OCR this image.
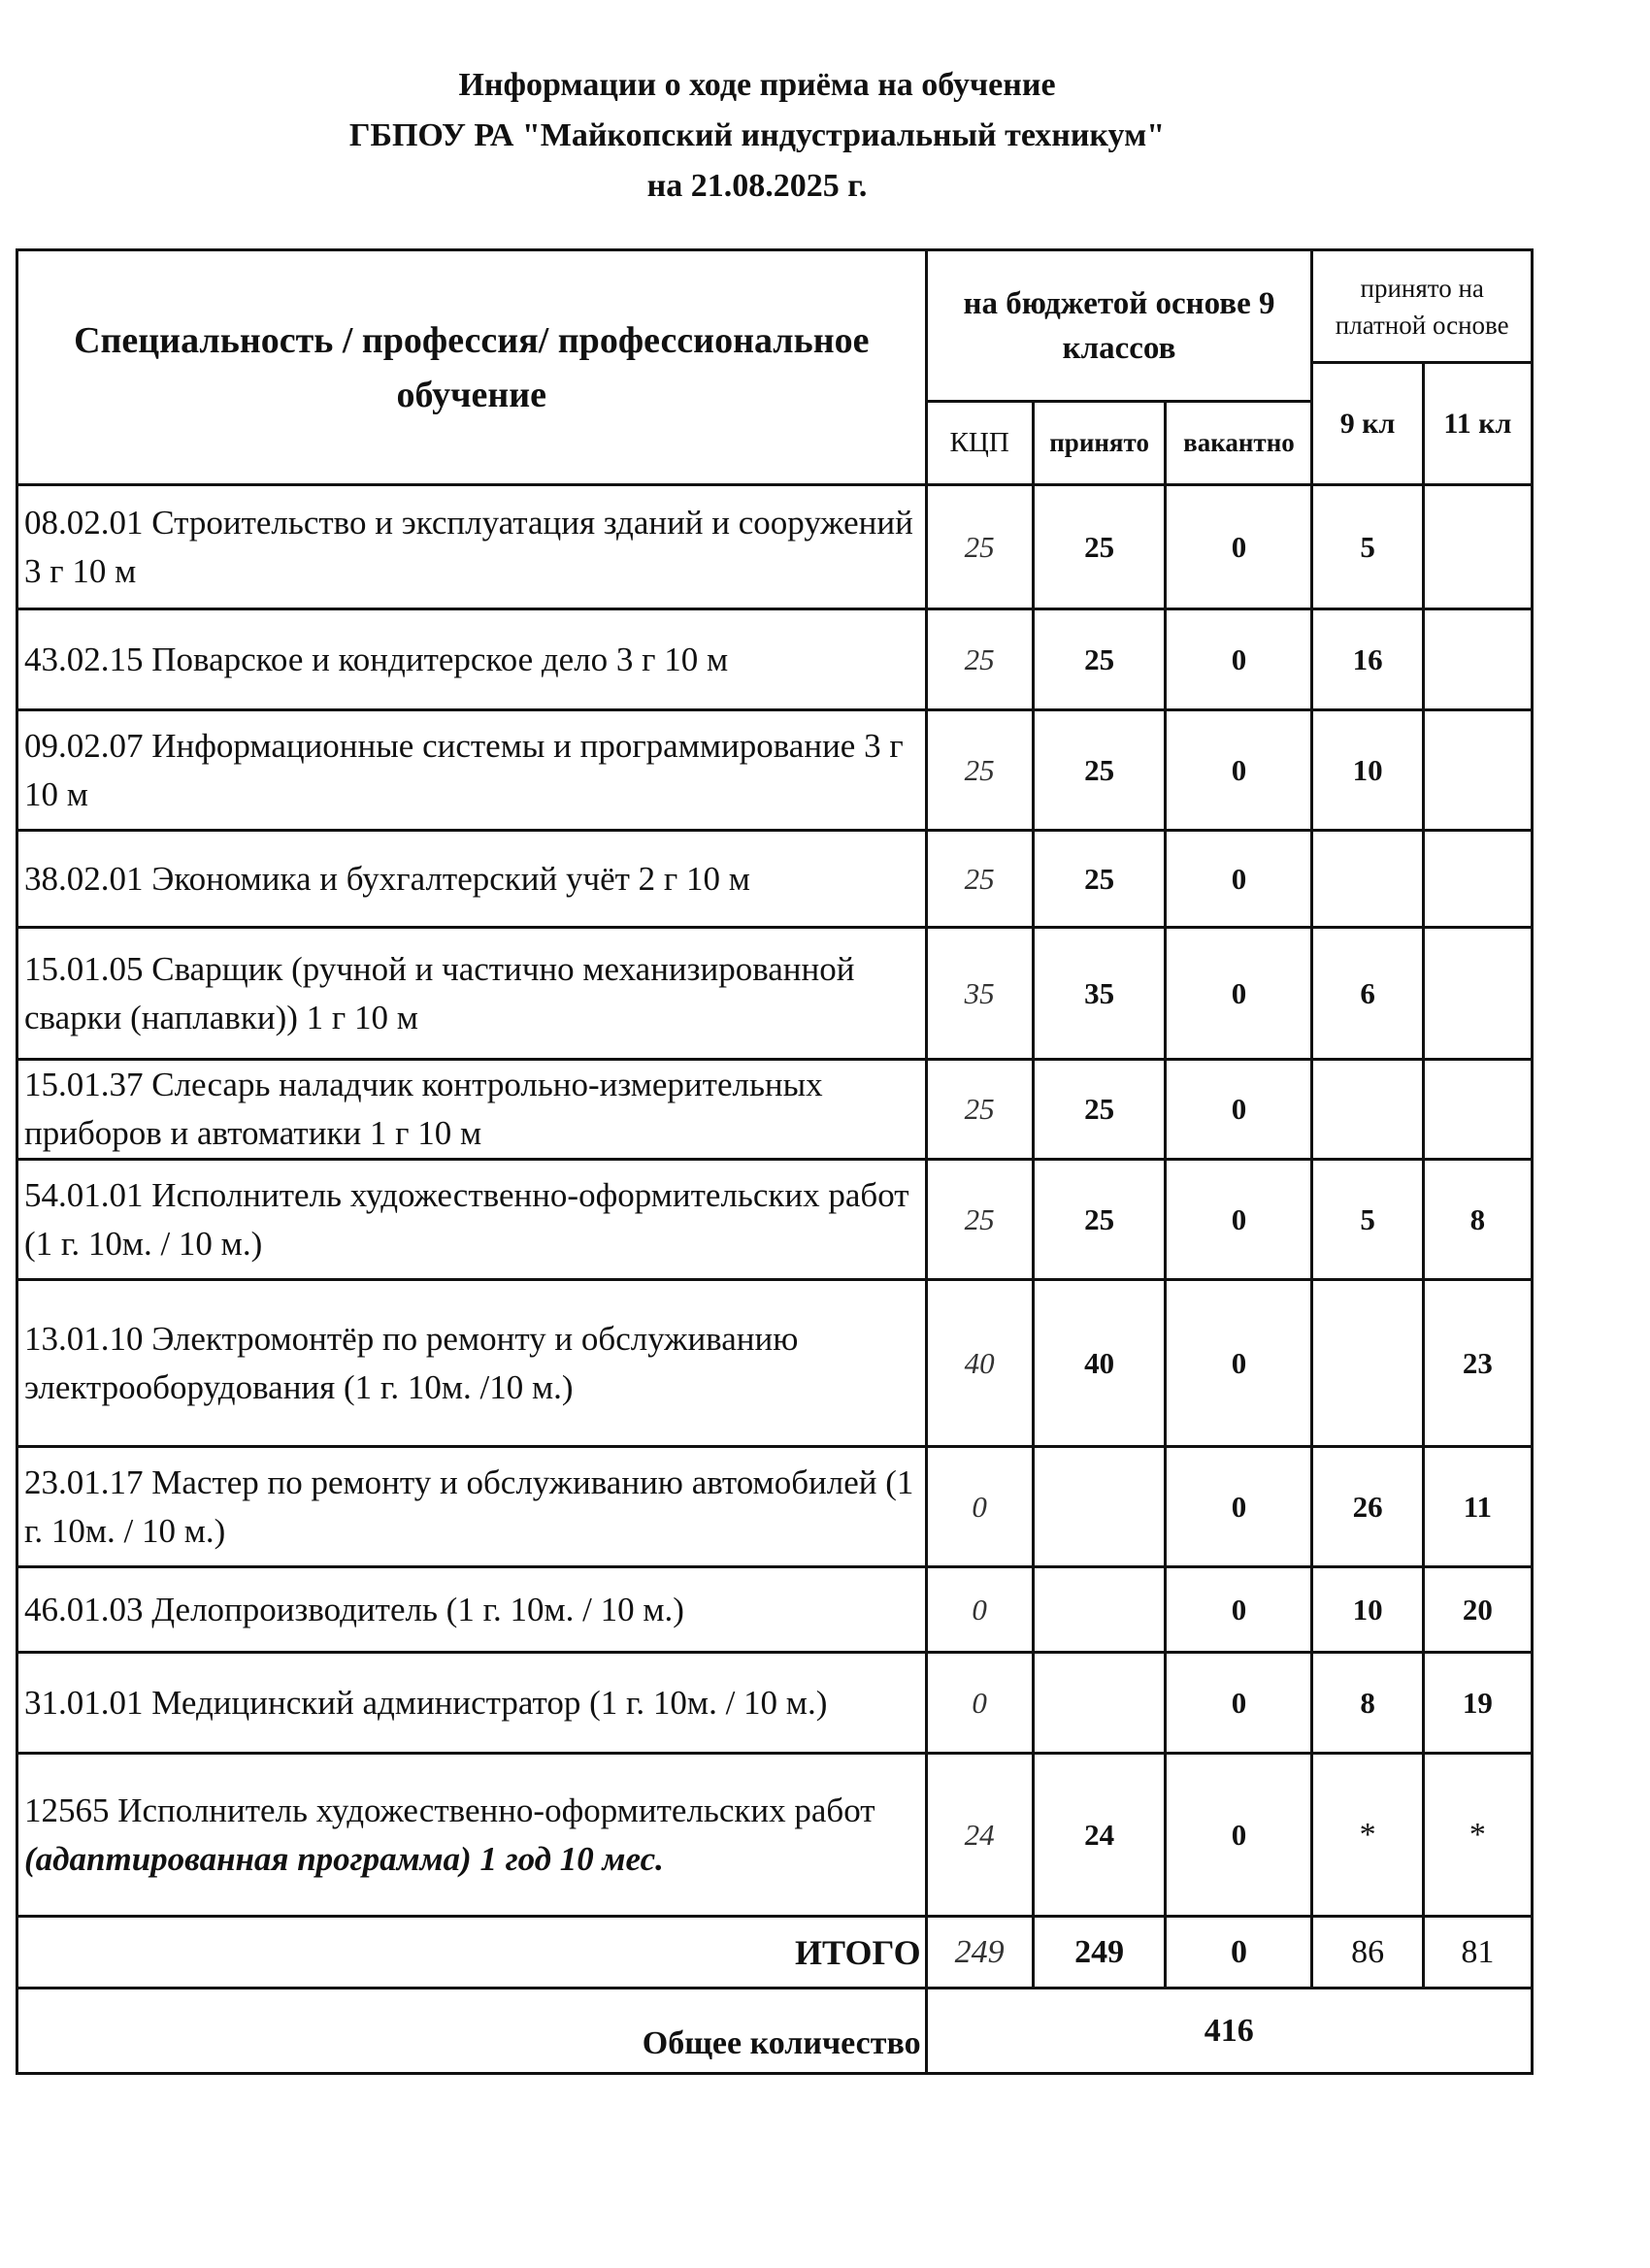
Информации о ходе приёма на обучение
ГБПОУ РА "Майкопский индустриальный техникум"
на 21.08.2025 г.
Специальность / профессия/ профессиональное обучение	на бюджетой основе 9 классов			принято на платной основе	
				9 кл	11 кл
	КЦП	принято	вакантно		
08.02.01 Строительство и эксплуатация зданий и сооружений 3 г 10 м	25	25	0	5	
43.02.15 Поварское и кондитерское дело 3 г 10 м	25	25	0	16	
09.02.07 Информационные системы и программирование 3 г 10 м	25	25	0	10	
38.02.01 Экономика и бухгалтерский учёт 2 г 10 м	25	25	0		
15.01.05 Сварщик (ручной и частично механизированной сварки (наплавки)) 1 г 10 м	35	35	0	6	
15.01.37 Слесарь наладчик контрольно-измерительных приборов и автоматики 1 г 10 м	25	25	0		
54.01.01 Исполнитель художественно-оформительских работ (1 г. 10м. / 10 м.)	25	25	0	5	8
13.01.10 Электромонтёр по ремонту и обслуживанию электрооборудования (1 г. 10м. /10 м.)	40	40	0		23
23.01.17 Мастер по ремонту и обслуживанию автомобилей (1 г. 10м. / 10 м.)	0		0	26	11
46.01.03 Делопроизводитель (1 г. 10м. / 10 м.)	0		0	10	20
31.01.01 Медицинский администратор (1 г. 10м. / 10 м.)	0		0	8	19
12565 Исполнитель художественно-оформительских работ (адаптированная программа) 1 год 10 мес.	24	24	0	*	*
ИТОГО	249	249	0	86	81
Общее количество	416				
